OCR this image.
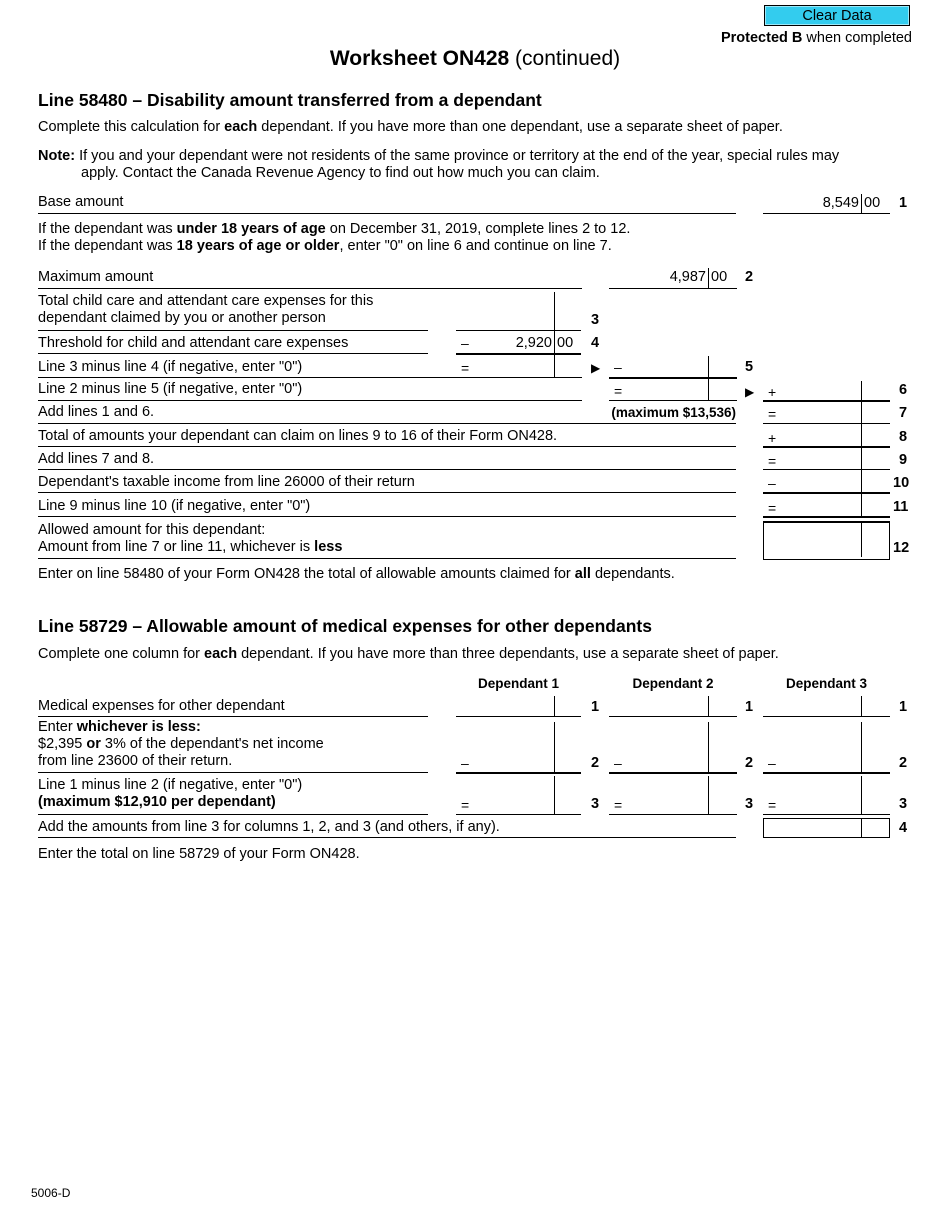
Clear Data
Protected B when completed
Worksheet ON428 (continued)
Line 58480 – Disability amount transferred from a dependant
Complete this calculation for each dependant. If you have more than one dependant, use a separate sheet of paper.
Note: If you and your dependant were not residents of the same province or territory at the end of the year, special rules may
apply. Contact the Canada Revenue Agency to find out how much you can claim.
Base amount	8,549 00 1
If the dependant was under 18 years of age on December 31, 2019, complete lines 2 to 12.
If the dependant was 18 years of age or older, enter "0" on line 6 and continue on line 7.
Maximum amount	4,987 00 2
Total child care and attendant care expenses for this
dependant claimed by you or another person	3
Threshold for child and attendant care expenses	–	2,920 00 4
Line 3 minus line 4 (if negative, enter "0")	=	▶ –	5
Line 2 minus line 5 (if negative, enter "0")	=	▶ +	6
Add lines 1 and 6.	(maximum $13,536) =	7
Total of amounts your dependant can claim on lines 9 to 16 of their Form ON428.	+	8
Add lines 7 and 8.	=	9
Dependant's taxable income from line 26000 of their return	–	10
Line 9 minus line 10 (if negative, enter "0")	=	11
Allowed amount for this dependant:
Amount from line 7 or line 11, whichever is less	12
Enter on line 58480 of your Form ON428 the total of allowable amounts claimed for all dependants.
Line 58729 – Allowable amount of medical expenses for other dependants
Complete one column for each dependant. If you have more than three dependants, use a separate sheet of paper.
Dependant 1	Dependant 2	Dependant 3
Medical expenses for other dependant	1	1	1
Enter whichever is less:
$2,395 or 3% of the dependant's net income
from line 23600 of their return.	–	2 –	2 –	2
Line 1 minus line 2 (if negative, enter "0")
(maximum $12,910 per dependant)	=	3 =	3 =	3
Add the amounts from line 3 for columns 1, 2, and 3 (and others, if any).	4
Enter the total on line 58729 of your Form ON428.
5006-D
